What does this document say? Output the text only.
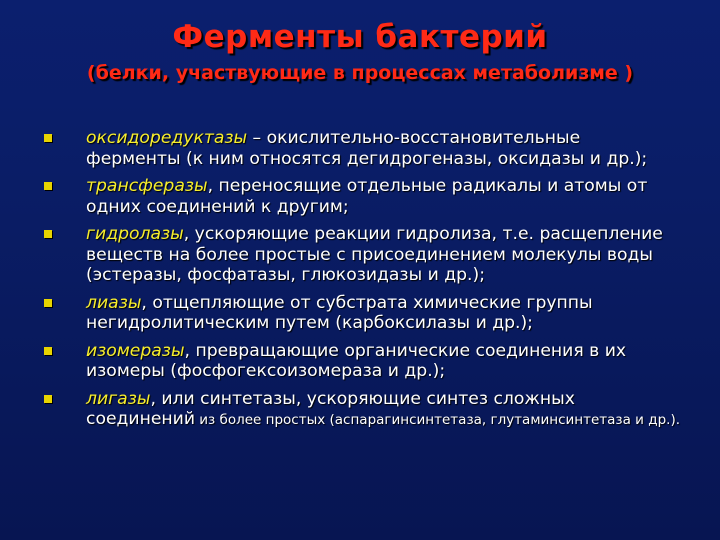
Ферменты бактерий
(белки, участвующие в процессах метаболизме )
оксидоредуктазы – окислительно-восстановительные ферменты (к ним относятся дегидрогеназы, оксидазы и др.);
трансферазы, переносящие отдельные радикалы и атомы от одних соединений к другим;
гидролазы, ускоряющие реакции гидролиза, т.е. расщепление веществ на более простые с присоединением молекулы воды (эстеразы, фосфатазы, глюкозидазы и др.);
лиазы, отщепляющие от субстрата химические группы негидролитическим путем (карбоксилазы и др.);
изомеразы, превращающие органические соединения в их изомеры (фосфогексоизомераза и др.);
лигазы, или синтетазы, ускоряющие синтез сложных соединений из более простых (аспарагинсинтетаза, глутаминсинтетаза и др.).
